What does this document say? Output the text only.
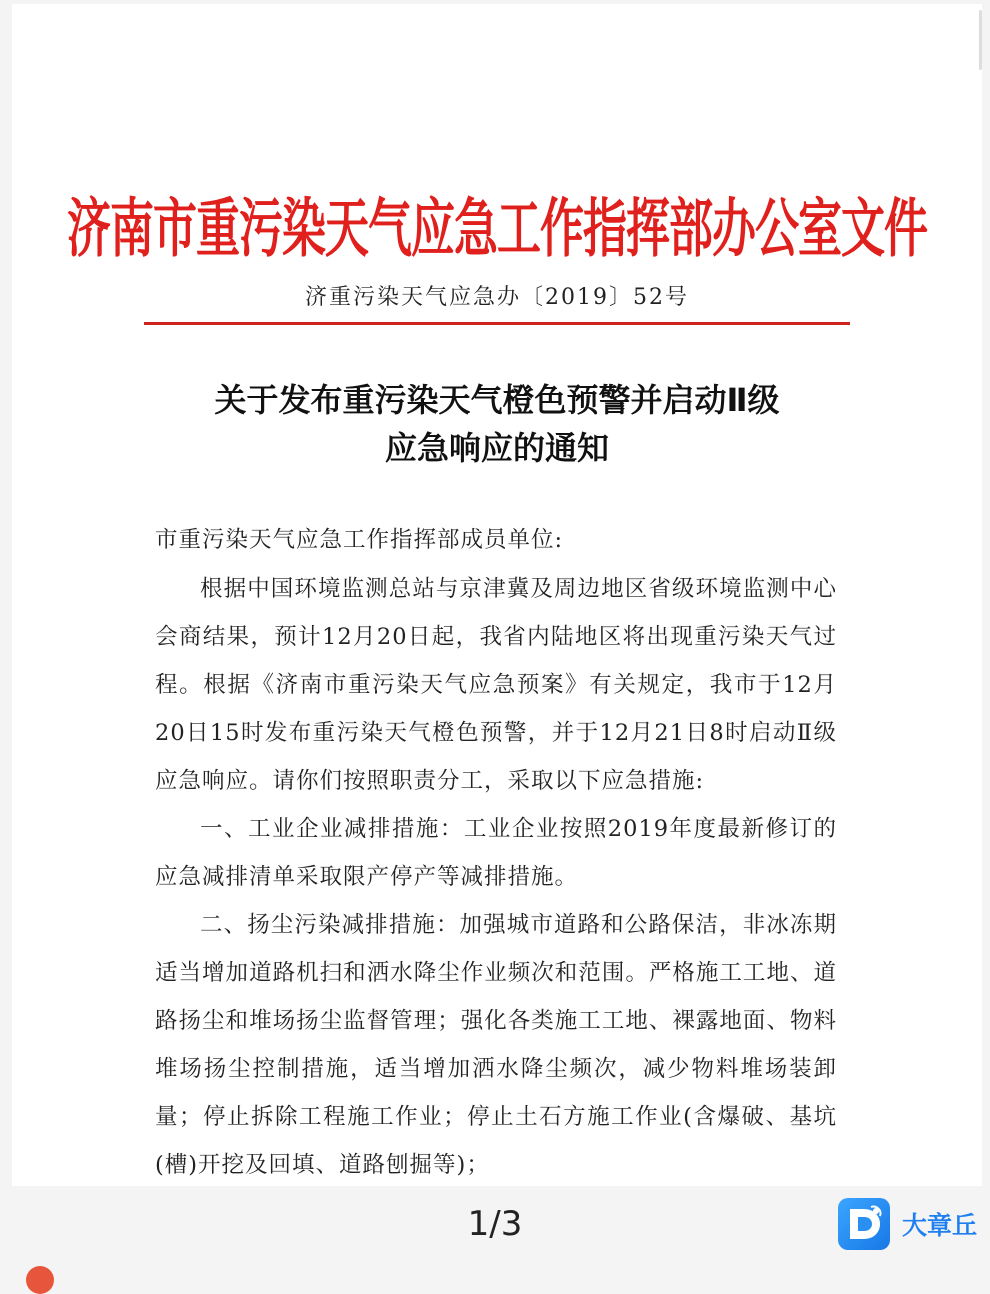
济南市重污染天气应急工作指挥部办公室文件
济重污染天气应急办〔2019〕52号
关于发布重污染天气橙色预警并启动Ⅱ级
应急响应的通知

市重污染天气应急工作指挥部成员单位:

根据中国环境监测总站与京津冀及周边地区省级环境监测中心会商结果，预计12月20日起，我省内陆地区将出现重污染天气过程。根据《济南市重污染天气应急预案》有关规定，我市于12月20日15时发布重污染天气橙色预警，并于12月21日8时启动Ⅱ级应急响应。请你们按照职责分工，采取以下应急措施:

一、工业企业减排措施：工业企业按照2019年度最新修订的应急减排清单采取限产停产等减排措施。

二、扬尘污染减排措施：加强城市道路和公路保洁，非冰冻期适当增加道路机扫和洒水降尘作业频次和范围。严格施工工地、道路扬尘和堆场扬尘监督管理；强化各类施工工地、裸露地面、物料堆场扬尘控制措施，适当增加洒水降尘频次，减少物料堆场装卸量；停止拆除工程施工作业；停止土石方施工作业(含爆破、基坑(槽)开挖及回填、道路刨掘等)；

1/3	大章丘
